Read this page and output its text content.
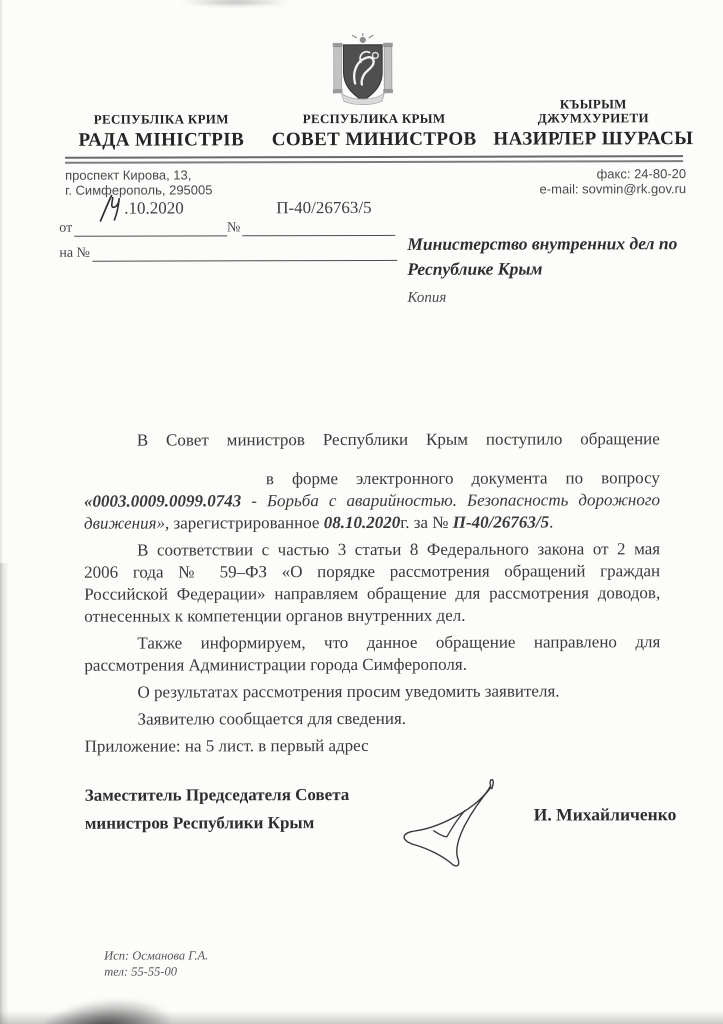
РЕСПУБЛІКА КРИМ
РАДА МІНІСТРІВ
РЕСПУБЛИКА КРЫМ
СОВЕТ МИНИСТРОВ
КЪЫРЫМ
ДЖУМХУРИЕТИ
НАЗИРЛЕР ШУРАСЫ
проспект Кирова, 13,
г. Симферополь, 295005
факс: 24-80-20
e-mail: sovmin@rk.gov.ru
.10.2020	П-40/26763/5
от	№
на №	Министерство внутренних дел по
Республике Крым
Копия
В Совет министров Республики Крым поступило обращение
в форме электронного документа по вопросу
«0003.0009.0099.0743 - Борьба с аварийностью. Безопасность дорожного
движения», зарегистрированное 08.10.2020г. за № П-40/26763/5.
В соответствии с частью 3 статьи 8 Федерального закона от 2 мая
2006 года № 59–ФЗ «О порядке рассмотрения обращений граждан
Российской Федерации» направляем обращение для рассмотрения доводов,
отнесенных к компетенции органов внутренних дел.
Также информируем, что данное обращение направлено для
рассмотрения Администрации города Симферополя.
О результатах рассмотрения просим уведомить заявителя.
Заявителю сообщается для сведения.
Приложение: на 5 лист. в первый адрес
Заместитель Председателя Совета
министров Республики Крым	И. Михайличенко
Исп: Османова Г.А.
тел: 55-55-00
